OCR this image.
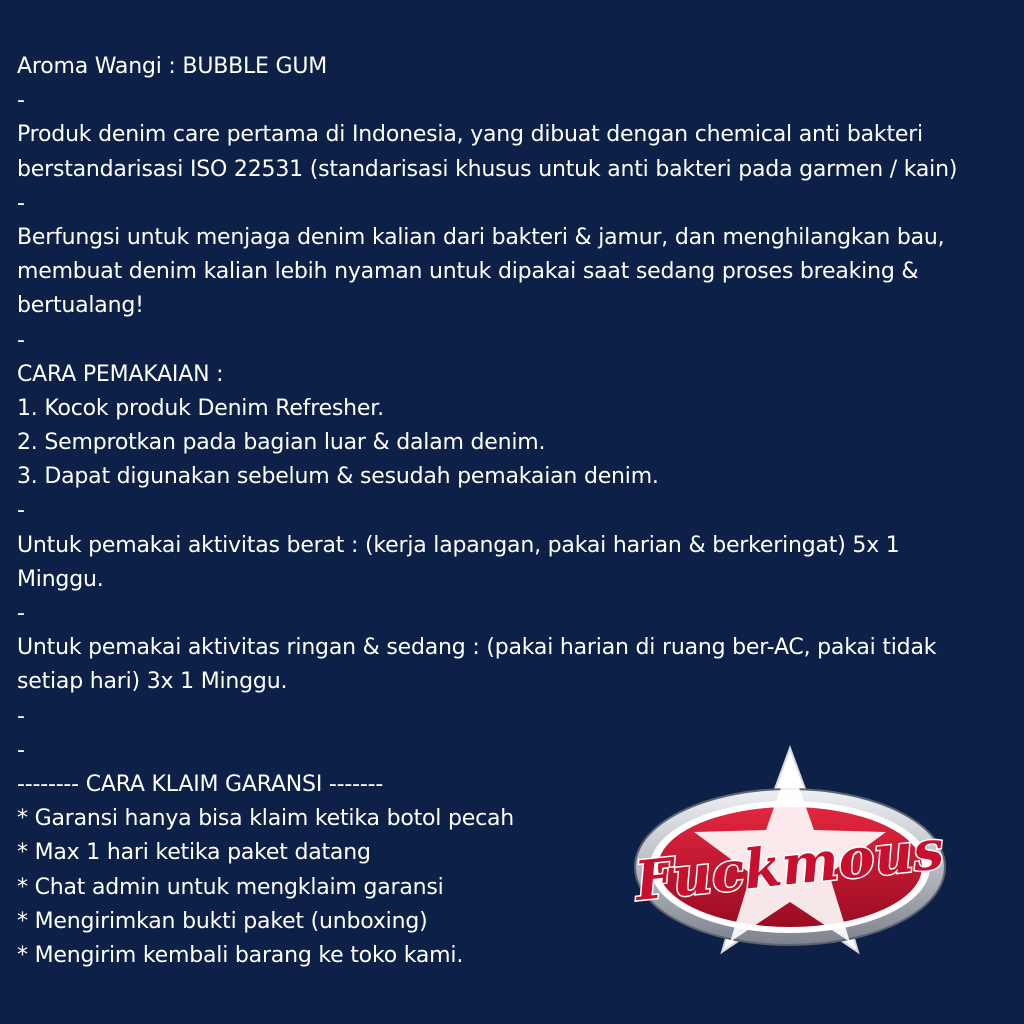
Aroma Wangi : BUBBLE GUM
-
Produk denim care pertama di Indonesia, yang dibuat dengan chemical anti bakteri
berstandarisasi ISO 22531 (standarisasi khusus untuk anti bakteri pada garmen / kain)
-
Berfungsi untuk menjaga denim kalian dari bakteri & jamur, dan menghilangkan bau,
membuat denim kalian lebih nyaman untuk dipakai saat sedang proses breaking &
bertualang!
-
CARA PEMAKAIAN :
1. Kocok produk Denim Refresher.
2. Semprotkan pada bagian luar & dalam denim.
3. Dapat digunakan sebelum & sesudah pemakaian denim.
-
Untuk pemakai aktivitas berat : (kerja lapangan, pakai harian & berkeringat) 5x 1
Minggu.
-
Untuk pemakai aktivitas ringan & sedang : (pakai harian di ruang ber-AC, pakai tidak
setiap hari) 3x 1 Minggu.
-
-
-------- CARA KLAIM GARANSI -------
* Garansi hanya bisa klaim ketika botol pecah
* Max 1 hari ketika paket datang
* Chat admin untuk mengklaim garansi
* Mengirimkan bukti paket (unboxing)
* Mengirim kembali barang ke toko kami.
Fuckmous
